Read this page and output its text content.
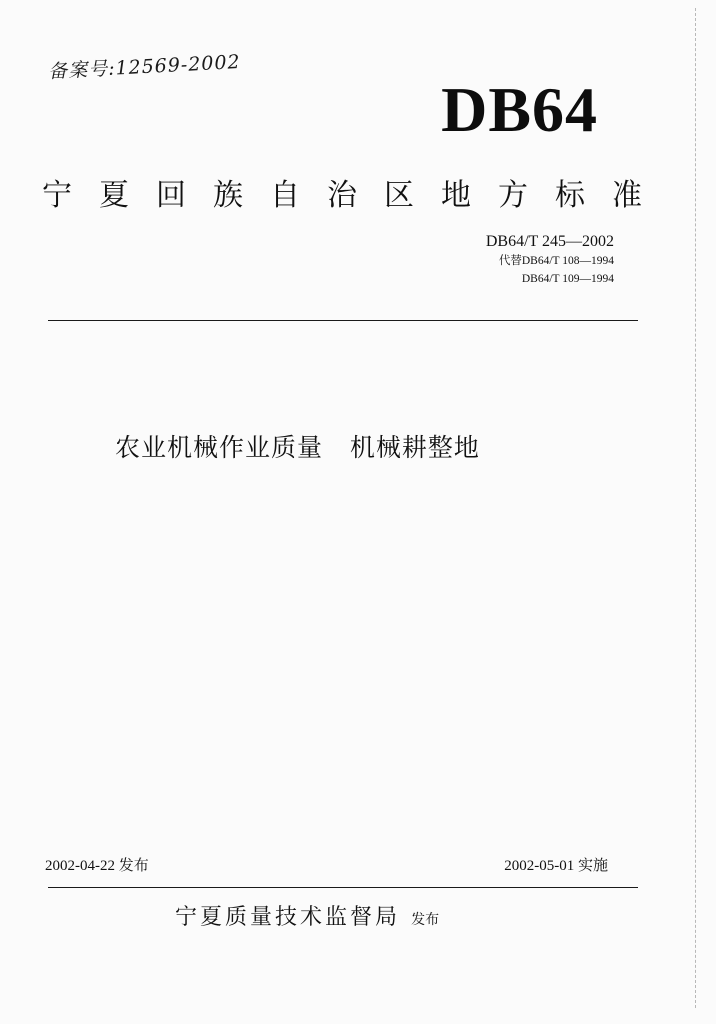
备案号:12569-2002
DB64
宁 夏 回 族 自 治 区 地 方 标 准
DB64/T 245—2002
代替DB64/T 108—1994
DB64/T 109—1994
农业机械作业质量   机械耕整地
2002-04-22 发布	2002-05-01 实施
宁夏质量技术监督局 发布
